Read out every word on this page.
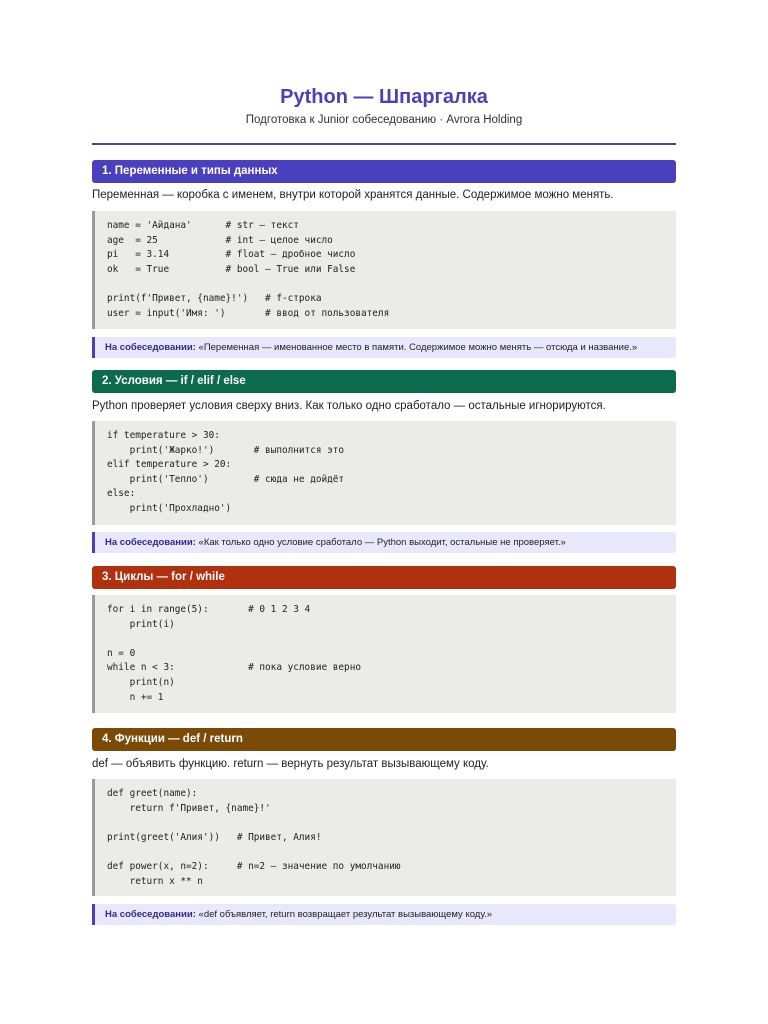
Python — Шпаргалка
Подготовка к Junior собеседованию · Avrora Holding
1. Переменные и типы данных
Переменная — коробка с именем, внутри которой хранятся данные. Содержимое можно менять.
name = 'Айдана'      # str — текст
age  = 25            # int — целое число
pi   = 3.14          # float — дробное число
ok   = True          # bool — True или False

print(f'Привет, {name}!')   # f-строка
user = input('Имя: ')       # ввод от пользователя
На собеседовании: «Переменная — именованное место в памяти. Содержимое можно менять — отсюда и название.»
2. Условия — if / elif / else
Python проверяет условия сверху вниз. Как только одно сработало — остальные игнорируются.
if temperature > 30:
print('Жарко!')       # выполнится это
elif temperature > 20:
print('Тепло')        # сюда не дойдёт
else:
print('Прохладно')
На собеседовании: «Как только одно условие сработало — Python выходит, остальные не проверяет.»
3. Циклы — for / while
for i in range(5):       # 0 1 2 3 4
print(i)

n = 0
while n < 3:             # пока условие верно
print(n)
n += 1
4. Функции — def / return
def — объявить функцию. return — вернуть результат вызывающему коду.
def greet(name):
return f'Привет, {name}!'

print(greet('Алия'))   # Привет, Алия!

def power(x, n=2):     # n=2 — значение по умолчанию
return x ** n
На собеседовании: «def объявляет, return возвращает результат вызывающему коду.»
